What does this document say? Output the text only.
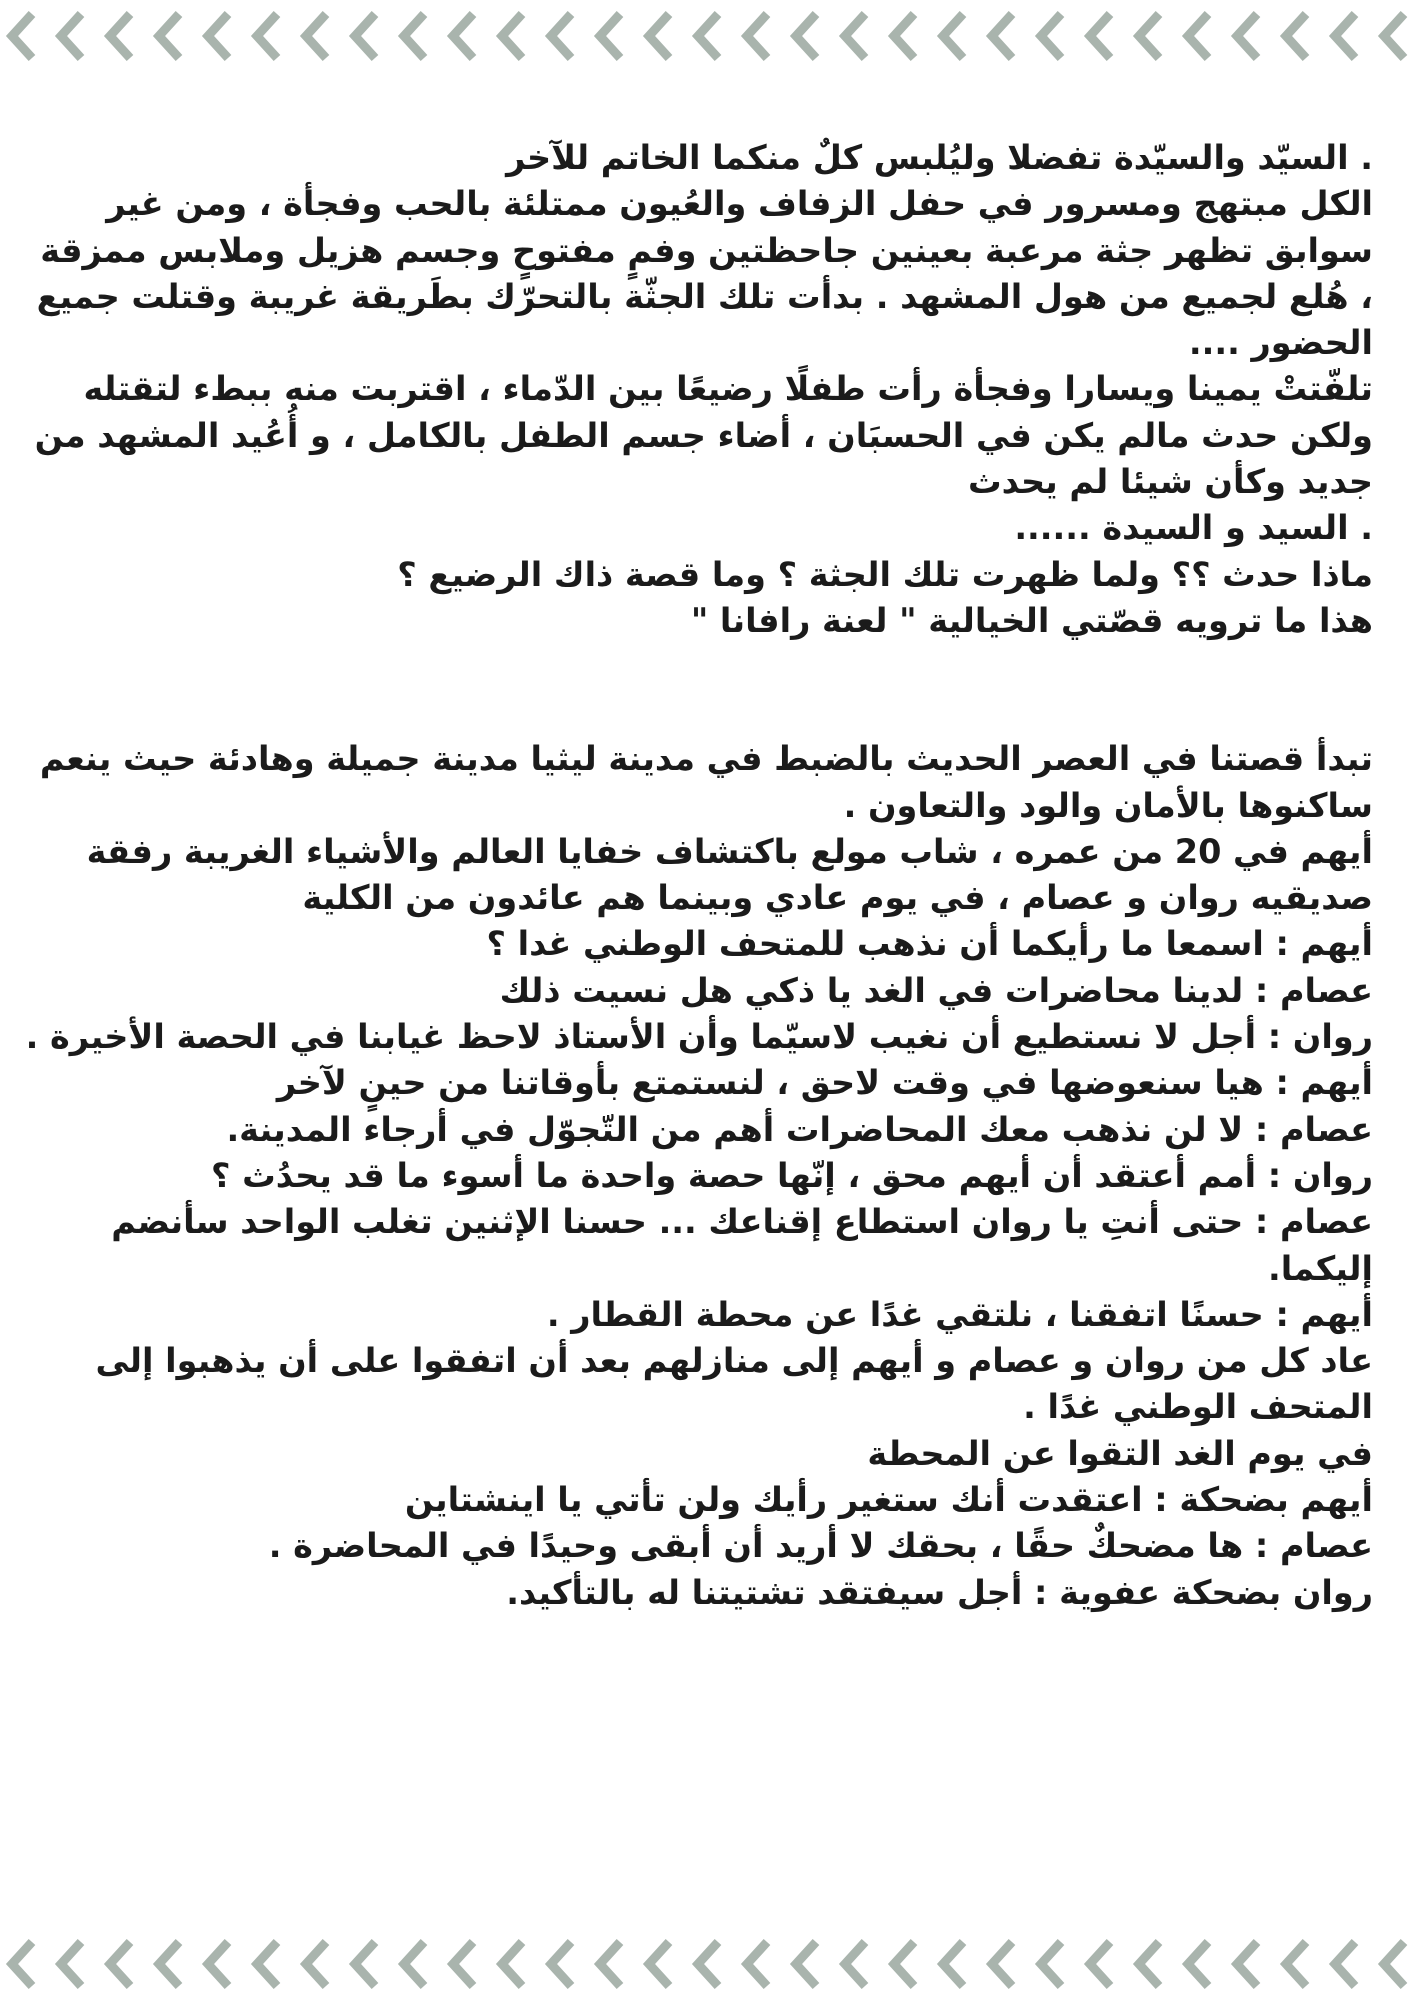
. السيّد والسيّدة تفضلا وليُلبس كلٌ منكما الخاتم للآخر

الكل مبتهج ومسرور في حفل الزفاف والعُيون ممتلئة بالحب وفجأة ، ومن غير سوابق تظهر جثة مرعبة بعينين جاحظتين وفمٍ مفتوحٍ وجسم هزيل وملابس ممزقة ، هُلع لجميع من هول المشهد . بدأت تلك الجثّة بالتحرّك بطَريقة غريبة وقتلت جميع الحضور ....

تلفّتتْ يمينا ويسارا وفجأة رأت طفلًا رضيعًا بين الدّماء ، اقتربت منه ببطء لتقتله ولكن حدث مالم يكن في الحسبَان ، أضاء جسم الطفل بالكامل ، و أُعُيد المشهد من جديد وكأن شيئا لم يحدث

. السيد و السيدة ......

ماذا حدث ؟؟ ولما ظهرت تلك الجثة ؟ وما قصة ذاك الرضيع ؟

هذا ما ترويه قصّتي الخيالية " لعنة رافانا "

تبدأ قصتنا في العصر الحديث بالضبط في مدينة ليثيا مدينة جميلة وهادئة حيث ينعم ساكنوها بالأمان والود والتعاون .

أيهم في 20 من عمره ، شاب مولع باكتشاف خفايا العالم والأشياء الغريبة رفقة صديقيه روان و عصام ، في يوم عادي وبينما هم عائدون من الكلية

أيهم : اسمعا ما رأيكما أن نذهب للمتحف الوطني غدا ؟

عصام : لدينا محاضرات في الغد يا ذكي هل نسيت ذلك

روان : أجل لا نستطيع أن نغيب لاسيّما وأن الأستاذ لاحظ غيابنا في الحصة الأخيرة .

أيهم : هيا سنعوضها في وقت لاحق ، لنستمتع بأوقاتنا من حينٍ لآخر

عصام : لا لن نذهب معك المحاضرات أهم من التّجوّل في أرجاء المدينة.

روان : أمم أعتقد أن أيهم محق ، إنّها حصة واحدة ما أسوء ما قد يحدُث ؟

عصام : حتى أنتِ يا روان استطاع إقناعك ... حسنا الإثنين تغلب الواحد سأنضم إليكما.

أيهم : حسنًا اتفقنا ، نلتقي غدًا عن محطة القطار .

عاد كل من روان و عصام و أيهم إلى منازلهم بعد أن اتفقوا على أن يذهبوا إلى المتحف الوطني غدًا .

في يوم الغد التقوا عن المحطة

أيهم بضحكة : اعتقدت أنك ستغير رأيك ولن تأتي يا اينشتاين

عصام : ها مضحكٌ حقًا ، بحقك لا أريد أن أبقى وحيدًا في المحاضرة .

روان بضحكة عفوية : أجل سيفتقد تشتيتنا له بالتأكيد.
